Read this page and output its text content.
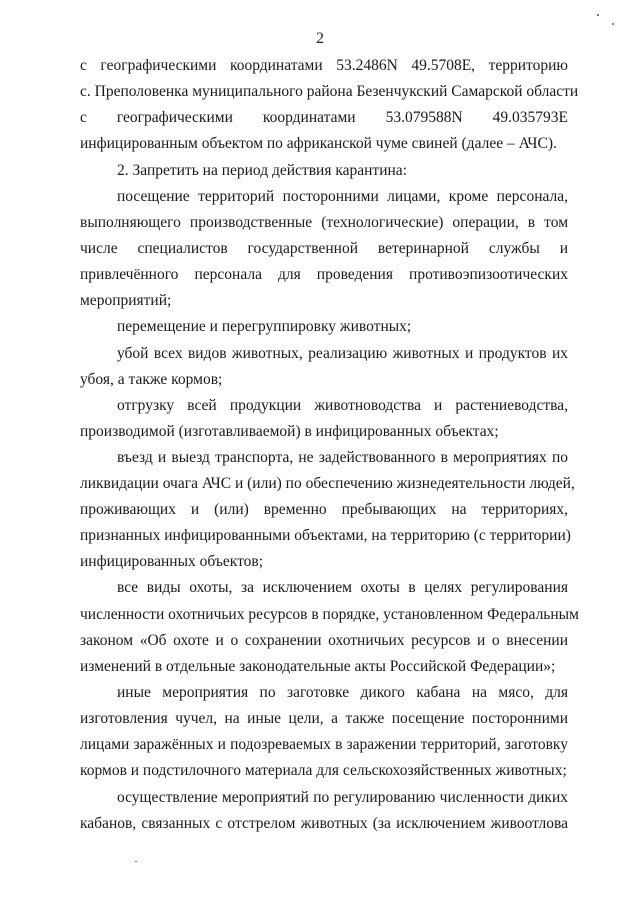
2
с географическими координатами 53.2486N 49.5708E, территорию
с. Преполовенка муниципального района Безенчукский Самарской области
с географическими координатами 53.079588N 49.035793E
инфицированным объектом по африканской чуме свиней (далее – АЧС).
2. Запретить на период действия карантина:
посещение территорий посторонними лицами, кроме персонала,
выполняющего производственные (технологические) операции, в том
числе специалистов государственной ветеринарной службы и
привлечённого персонала для проведения противоэпизоотических
мероприятий;
перемещение и перегруппировку животных;
убой всех видов животных, реализацию животных и продуктов их
убоя, а также кормов;
отгрузку всей продукции животноводства и растениеводства,
производимой (изготавливаемой) в инфицированных объектах;
въезд и выезд транспорта, не задействованного в мероприятиях по
ликвидации очага АЧС и (или) по обеспечению жизнедеятельности людей,
проживающих и (или) временно пребывающих на территориях,
признанных инфицированными объектами, на территорию (с территории)
инфицированных объектов;
все виды охоты, за исключением охоты в целях регулирования
численности охотничьих ресурсов в порядке, установленном Федеральным
законом «Об охоте и о сохранении охотничьих ресурсов и о внесении
изменений в отдельные законодательные акты Российской Федерации»;
иные мероприятия по заготовке дикого кабана на мясо, для
изготовления чучел, на иные цели, а также посещение посторонними
лицами заражённых и подозреваемых в заражении территорий, заготовку
кормов и подстилочного материала для сельскохозяйственных животных;
осуществление мероприятий по регулированию численности диких
кабанов, связанных с отстрелом животных (за исключением живоотлова
